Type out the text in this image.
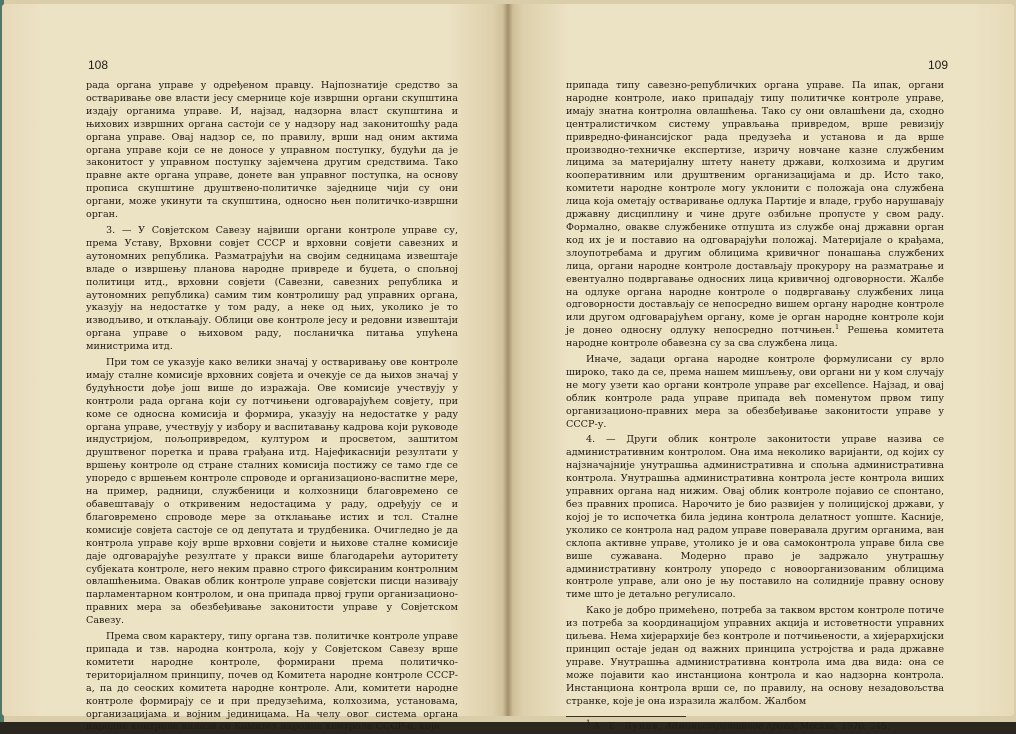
108

рада органа управе у одређеном правцу. Најпознатије средство за остваривање ове власти јесу смернице које извршни органи скупштина издају органима управе. И, најзад, надзорна власт скупштина и њихових извршних органа састоји се у надзору над законитошћу рада органа управе. Овај надзор се, по правилу, врши над оним актима органа управе који се не доносе у управном поступку, будући да је законитост у управном поступку зајемчена другим средствима. Тако правне акте органа управе, донете ван управног поступка, на основу прописа скупштине друштвено-политичке заједнице чији су они органи, може укинути та скупштина, односно њен политичко-извршни орган.

3. — У Совјетском Савезу највиши органи контроле управе су, према Уставу, Врховни совјет СССР и врховни совјети савезних и аутономних република. Разматрајући на својим седницама извештаје владе о извршењу планова народне привреде и буџета, о спољној политици итд., врховни совјети (Савезни, савезних република и аутономних република) самим тим контролишу рад управних органа, указују на недостатке у том раду, а неке од њих, уколико је то изводљиво, и отклањају. Облици ове контроле јесу и редовни извештаји органа управе о њиховом раду, посланичка питања упућена министрима итд.

При том се указује како велики значај у остваривању ове контроле имају сталне комисије врховних совјета и очекује се да њихов значај у будућности дође још више до изражаја. Ове комисије учествују у контроли рада органа који су потчињени одговарајућем совјету, при коме се односна комисија и формира, указују на недостатке у раду органа управе, учествују у избору и васпитавању кадрова који руководе индустријом, пољопривредом, културом и просветом, заштитом друштвеног поретка и права грађана итд. Најефикаснији резултати у вршењу контроле од стране сталних комисија постижу се тамо где се упоредо с вршењем контроле спроводе и организационо-васпитне мере, на пример, радници, службеници и колхозници благовремено се обавештавају о откривеним недостацима у раду, одређују се и благовремено спроводе мере за отклањање истих и тсл. Сталне комисије совјета састоје се од депутата и трудбеника. Очигледно је да контрола управе коју врше врховни совјети и њихове сталне комисије даје одговарајуће резултате у пракси више благодарећи ауторитету субјеката контроле, него неким правно строго фиксираним контролним овлашћењима. Овакав облик контроле управе совјетски писци називају парламентарном контролом, и она припада првој групи организационо-правних мера за обезбеђивање законитости управе у Совјетском Савезу.

Према свом карактеру, типу органа тзв. политичке контроле управе припада и тзв. народна контрола, коју у Совјетском Савезу врше комитети народне контроле, формирани према политичко-територијалном принципу, почев од Комитета народне контроле СССР-а, па до сеоских комитета народне контроле. Али, комитети народне контроле формирају се и при предузећима, колхозима, установама, организацијама и војним јединицама. На челу овог система органа народне контроле налази се Комитет народне контроле СССР-а, који

109

припада типу савезно-републичких органа управе. Па ипак, органи народне контроле, иако припадају типу политичке контроле управе, имају знатна контролна овлашћења. Тако су они овлашћени да, сходно централистичком систему управљања привредом, врше ревизију привредно-финансијског рада предузећа и установа и да врше производно-техничке експертизе, изричу новчане казне службеним лицима за материјалну штету нанету држави, колхозима и другим кооперативним или друштвеним организацијама и др. Исто тако, комитети народне контроле могу уклонити с положаја она службена лица која ометају остваривање одлука Партије и владе, грубо нарушавају државну дисциплину и чине друге озбиљне пропусте у свом раду. Формално, овакве службенике отпушта из службе онај државни орган код их је и поставио на одговарајући положај. Материјале о крађама, злоупотребама и другим облицима кривичног понашања службених лица, органи народне контроле достављају прокурору на разматрање и евентуално подвргавање односних лица кривичној одговорности. Жалбе на одлуке органа народне контроле о подвргавању службених лица одговорности достављају се непосредно вишем органу народне контроле или другом одговарајућем органу, коме је орган народне контроле који је донео односну одлуку непосредно потчињен.$^1$ Решења комитета народне контроле обавезна су за сва службена лица.

Иначе, задаци органа народне контроле формулисани су врло широко, тако да се, према нашем мишљењу, ови органи ни у ком случају не могу узети као органи контроле управе par excellence. Најзад, и овај облик контроле рада управе припада већ поменутом првом типу организационо-правних мера за обезбеђивање законитости управе у СССР-у.

4. — Други облик контроле законитости управе назива се административним контролом. Она има неколико варијанти, од којих су најзначајније унутрашња административна и спољна административна контрола. Унутрашња административна контрола јесте контрола виших управних органа над нижим. Овај облик контроле појавио се спонтано, без правних прописа. Нарочито је био развијен у полицијској држави, у којој је то испочетка била једина контрола делатност уопште. Касније, уколико се контрола над радом управе поверавала другим органима, ван склопа активне управе, утолико је и ова самоконтрола управе била све више сужавана. Модерно право је задржало унутрашњу административну контролу упоредо с новоорганизованим облицима контроле управе, али оно је њу поставило на солидније правну основу тиме што је детаљно регулисало.

Како је добро примећено, потреба за таквом врстом контроле потиче из потреба за координацијом управних акција и истоветности управних циљева. Нема хијерархије без контроле и потчињености, а хијерархијски принцип остаје један од важних принципа устројства и рада државне управе. Унутрашња административна контрола има два вида: она се може појавити као инстанциона контрола и као надзорна контрола. Инстанциона контрола врши се, по правилу, на основу незадовољства странке, које је она изразила жалбом. Жалбом

$^1$ А. Е. Лунев, Административное право, Москва, 1970, 245.
